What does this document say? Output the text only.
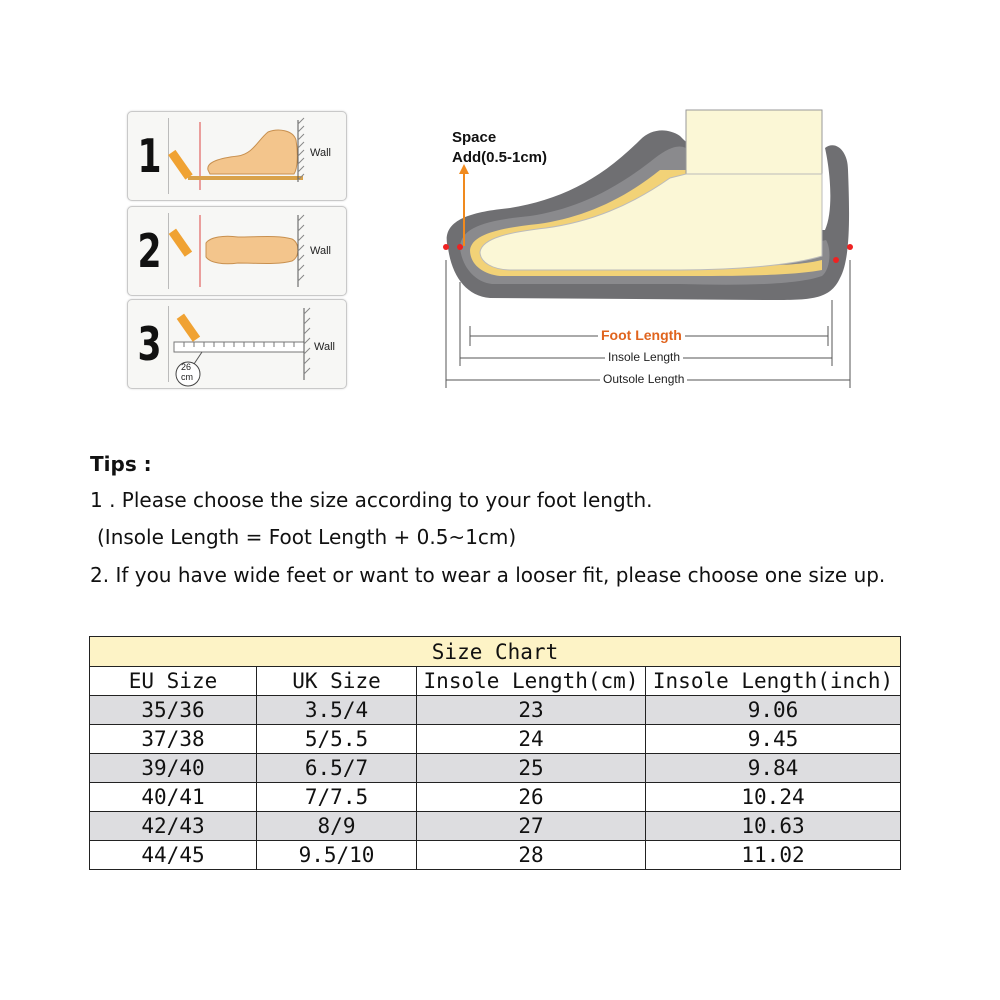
1	Wall
2	Wall
3	Wall
26
cm
Space
Add(0.5-1cm)
Foot Length
Insole Length
Outsole Length
Tips :
1 . Please choose the size according to your foot length.
(Insole Length = Foot Length + 0.5~1cm)
2. If you have wide feet or want to wear a looser fit, please choose one size up.
Size Chart			
EU Size	UK Size	Insole Length(cm)	Insole Length(inch)
35/36	3.5/4	23	9.06
37/38	5/5.5	24	9.45
39/40	6.5/7	25	9.84
40/41	7/7.5	26	10.24
42/43	8/9	27	10.63
44/45	9.5/10	28	11.02
